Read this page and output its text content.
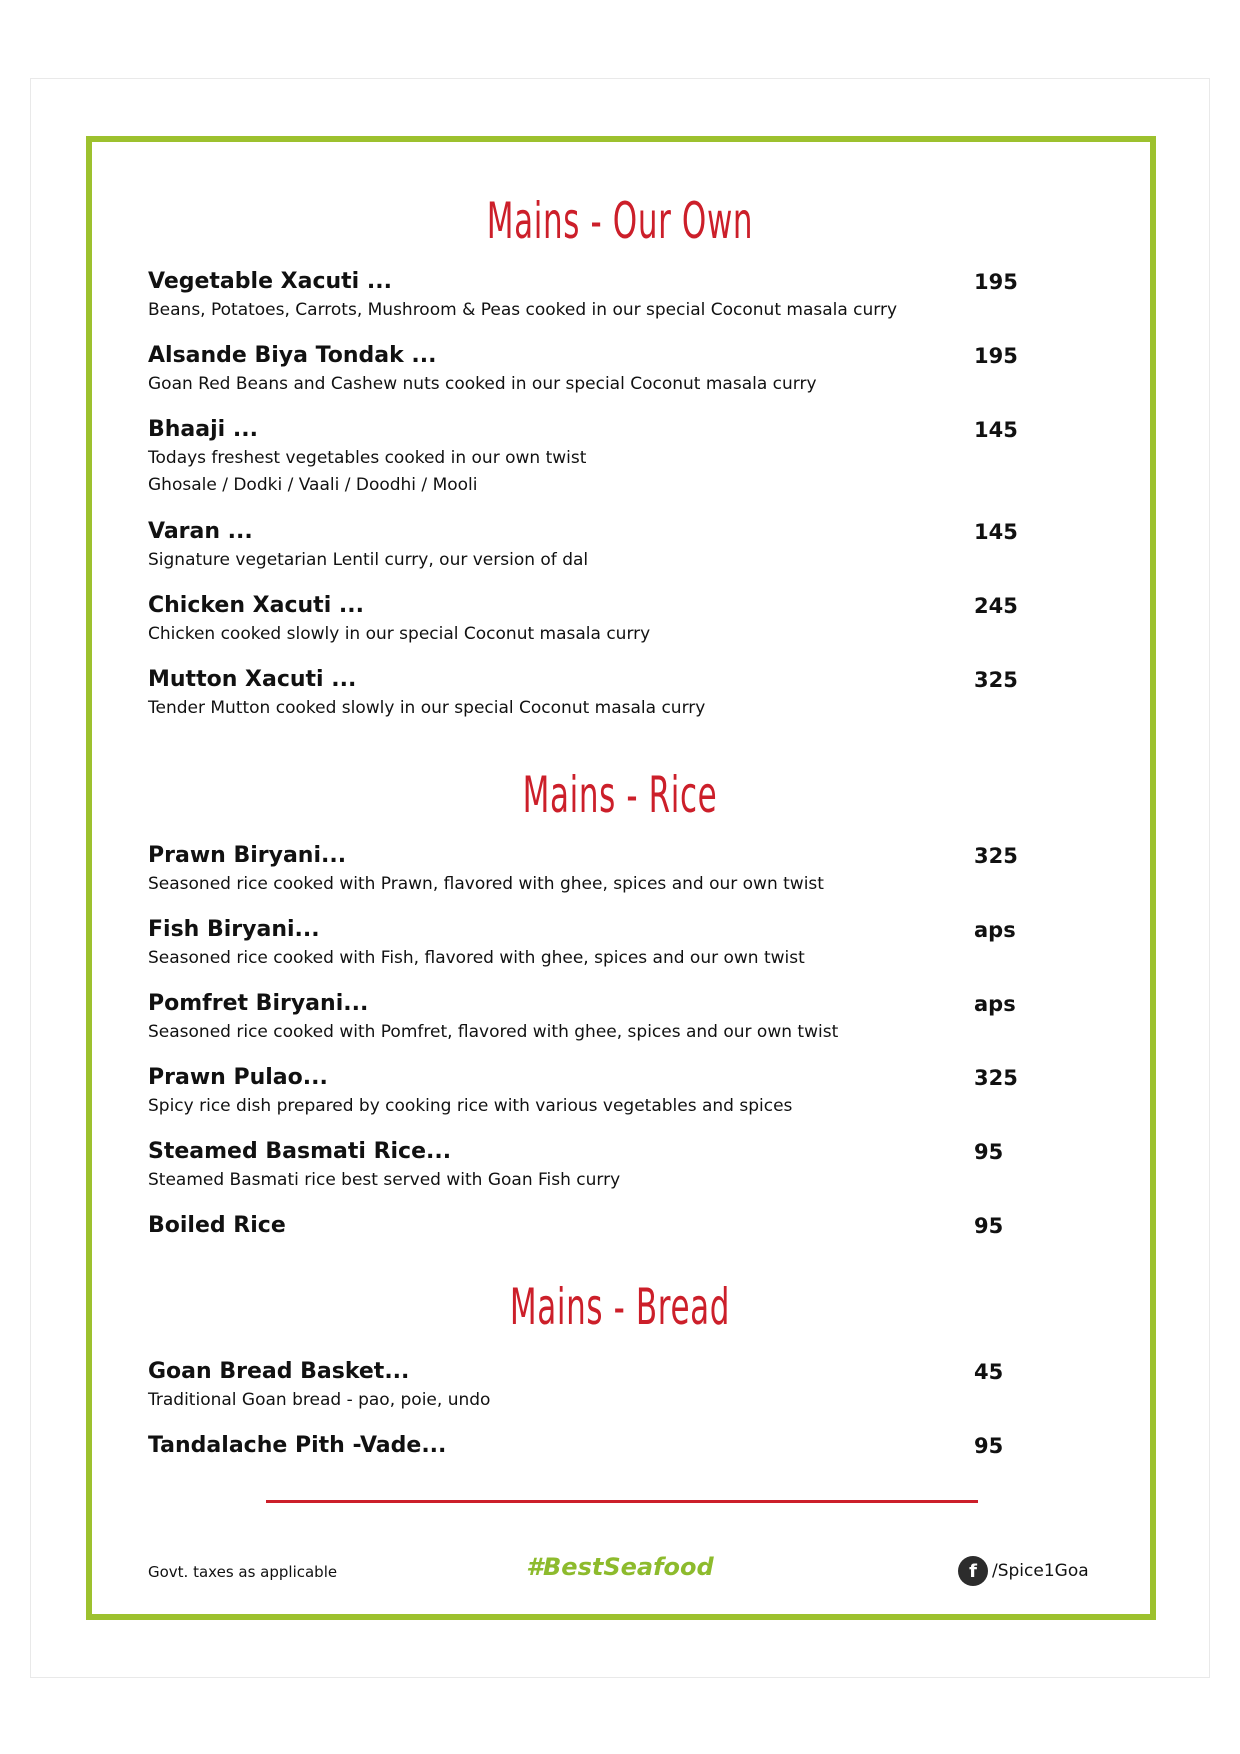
Mains - Our Own
Vegetable Xacuti ...	195
Beans, Potatoes, Carrots, Mushroom & Peas cooked in our special Coconut masala curry
Alsande Biya Tondak ...	195
Goan Red Beans and Cashew nuts cooked in our special Coconut masala curry
Bhaaji ...	145
Todays freshest vegetables cooked in our own twist
Ghosale / Dodki / Vaali / Doodhi / Mooli
Varan ...	145
Signature vegetarian Lentil curry, our version of dal
Chicken Xacuti ...	245
Chicken cooked slowly in our special Coconut masala curry
Mutton Xacuti ...	325
Tender Mutton cooked slowly in our special Coconut masala curry
Mains - Rice
Prawn Biryani...	325
Seasoned rice cooked with Prawn, flavored with ghee, spices and our own twist
Fish Biryani...	aps
Seasoned rice cooked with Fish, flavored with ghee, spices and our own twist
Pomfret Biryani...	aps
Seasoned rice cooked with Pomfret, flavored with ghee, spices and our own twist
Prawn Pulao...	325
Spicy rice dish prepared by cooking rice with various vegetables and spices
Steamed Basmati Rice...	95
Steamed Basmati rice best served with Goan Fish curry
Boiled Rice	95
Mains - Bread
Goan Bread Basket...	45
Traditional Goan bread - pao, poie, undo
Tandalache Pith -Vade...	95
Govt. taxes as applicable	#BestSeafood	f /Spice1Goa
